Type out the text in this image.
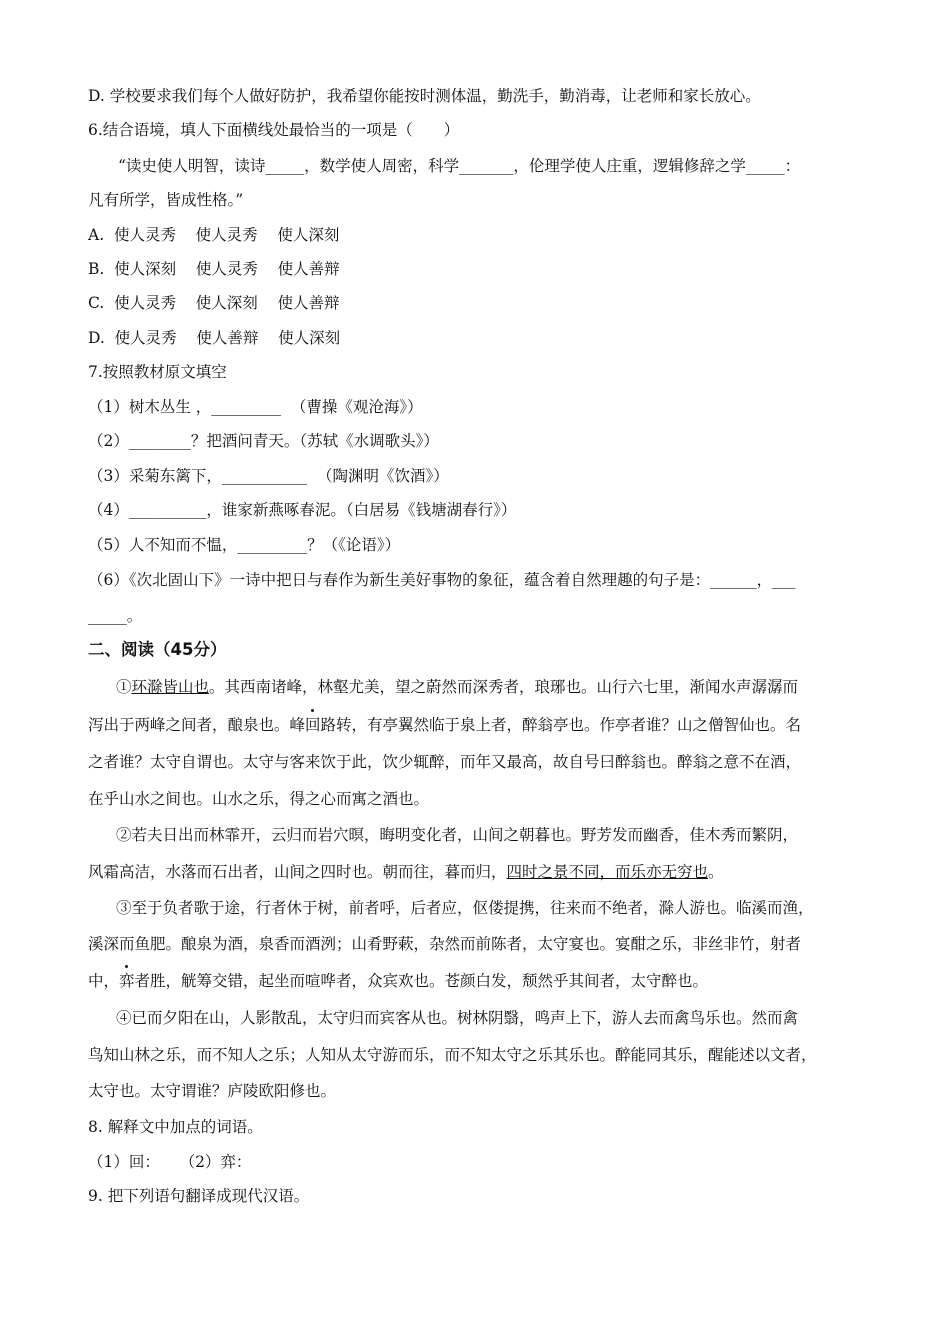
D. 学校要求我们每个人做好防护，我希望你能按时测体温，勤洗手，勤消毒，让老师和家长放心。
6.结合语境，填人下面横线处最恰当的一项是（　　）
“读史使人明智，读诗_____，数学使人周密，科学_______，伦理学使人庄重，逻辑修辞之学_____：
凡有所学，皆成性格。”
A.  使人灵秀    使人灵秀    使人深刻
B.  使人深刻    使人灵秀    使人善辩
C.  使人灵秀    使人深刻    使人善辩
D.  使人灵秀    使人善辩    使人深刻
7.按照教材原文填空
（1）树木丛生 ，_________  （曹操《观沧海》）
（2）________？把酒问青天。（苏轼《水调歌头》）
（3）采菊东篱下，___________  （陶渊明《饮酒》）
（4）__________，谁家新燕啄春泥。（白居易《钱塘湖春行》）
（5）人不知而不愠，_________？（《论语》）
（6）《次北固山下》一诗中把日与春作为新生美好事物的象征，蕴含着自然理趣的句子是：______，___
_____。
二、阅读（45分）
①环滁皆山也。其西南诸峰，林壑尤美，望之蔚然而深秀者，琅琊也。山行六七里，渐闻水声潺潺而
泻出于两峰之间者，酿泉也。峰回路转，有亭翼然临于泉上者，醉翁亭也。作亭者谁？山之僧智仙也。名
之者谁？太守自谓也。太守与客来饮于此，饮少辄醉，而年又最高，故自号曰醉翁也。醉翁之意不在酒，
在乎山水之间也。山水之乐，得之心而寓之酒也。
②若夫日出而林霏开，云归而岩穴暝，晦明变化者，山间之朝暮也。野芳发而幽香，佳木秀而繁阴，
风霜高洁，水落而石出者，山间之四时也。朝而往，暮而归，四时之景不同，而乐亦无穷也。
③至于负者歌于途，行者休于树，前者呼，后者应，伛偻提携，往来而不绝者，滁人游也。临溪而渔，
溪深而鱼肥。酿泉为酒，泉香而酒洌；山肴野蔌，杂然而前陈者，太守宴也。宴酣之乐，非丝非竹，射者
中，弈者胜，觥筹交错，起坐而喧哗者，众宾欢也。苍颜白发，颓然乎其间者，太守醉也。
④已而夕阳在山，人影散乱，太守归而宾客从也。树林阴翳，鸣声上下，游人去而禽鸟乐也。然而禽
鸟知山林之乐，而不知人之乐；人知从太守游而乐，而不知太守之乐其乐也。醉能同其乐，醒能述以文者，
太守也。太守谓谁？庐陵欧阳修也。
8. 解释文中加点的词语。
（1）回：    （2）弈：
9. 把下列语句翻译成现代汉语。
